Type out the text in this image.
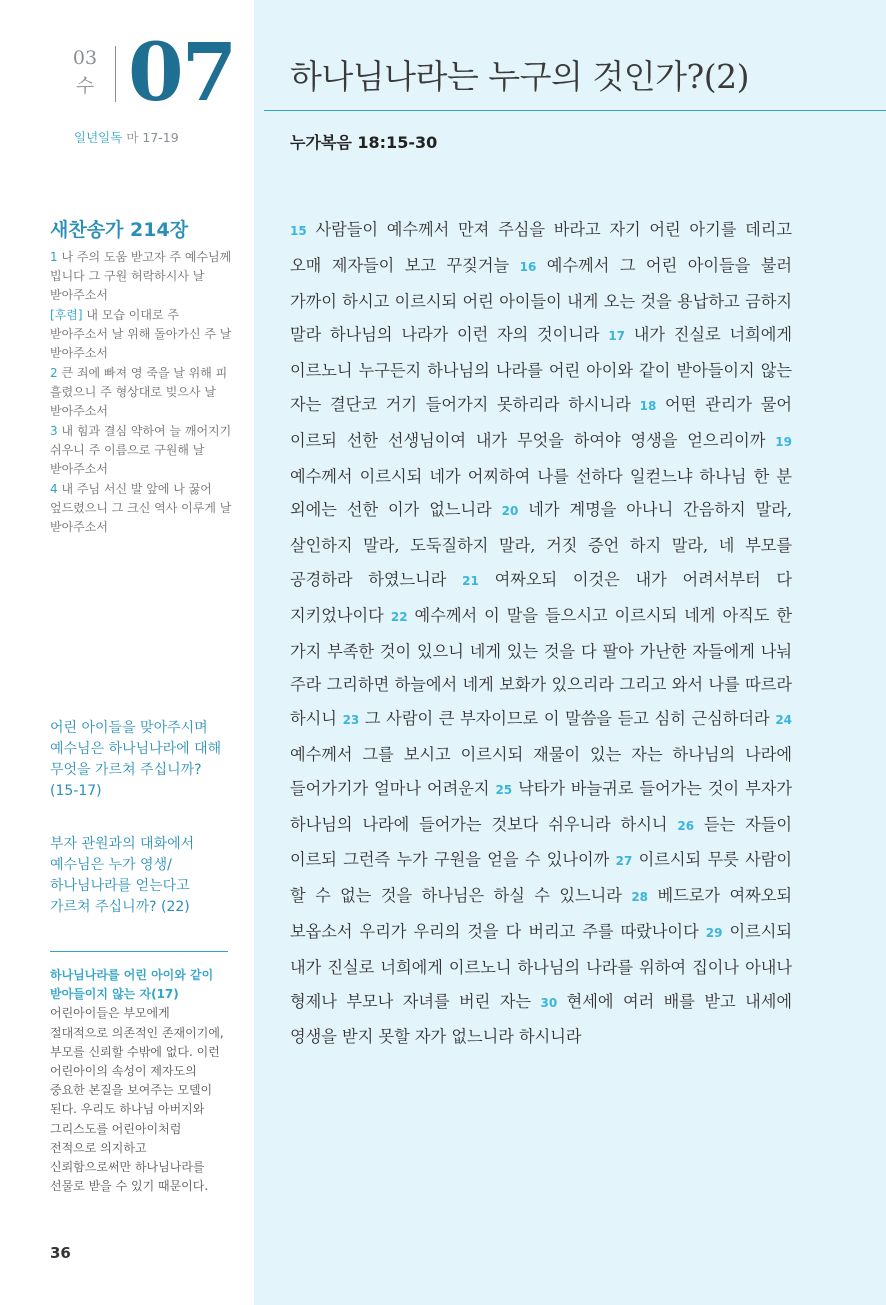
03
수 07
일년일독 마 17-19
새찬송가 214장

1 나 주의 도움 받고자 주 예수님께 빕니다 그 구원 허락하시사 날 받아주소서

[후렴] 내 모습 이대로 주 받아주소서 날 위해 돌아가신 주 날 받아주소서

2 큰 죄에 빠져 영 죽을 날 위해 피 흘렸으니 주 형상대로 빚으사 날 받아주소서

3 내 힘과 결심 약하여 늘 깨어지기 쉬우니 주 이름으로 구원해 날 받아주소서

4 내 주님 서신 발 앞에 나 꿇어 엎드렸으니 그 크신 역사 이루게 날 받아주소서

어린 아이들을 맞아주시며 예수님은 하나님나라에 대해 무엇을 가르쳐 주십니까? (15-17)
부자 관원과의 대화에서 예수님은 누가 영생/하나님나라를 얻는다고 가르쳐 주십니까? (22)
하나님나라를 어린 아이와 같이 받아들이지 않는 자(17) 어린아이들은 부모에게 절대적으로 의존적인 존재이기에, 부모를 신뢰할 수밖에 없다. 이런 어린아이의 속성이 제자도의 중요한 본질을 보여주는 모델이 된다. 우리도 하나님 아버지와 그리스도를 어린아이처럼 전적으로 의지하고 신뢰함으로써만 하나님나라를 선물로 받을 수 있기 때문이다.
36
하나님나라는 누구의 것인가?(2)
누가복음 18:15-30
15 사람들이 예수께서 만져 주심을 바라고 자기 어린 아기를 데리고 오매 제자들이 보고 꾸짖거늘 16 예수께서 그 어린 아이들을 불러 가까이 하시고 이르시되 어린 아이들이 내게 오는 것을 용납하고 금하지 말라 하나님의 나라가 이런 자의 것이니라 17 내가 진실로 너희에게 이르노니 누구든지 하나님의 나라를 어린 아이와 같이 받아들이지 않는 자는 결단코 거기 들어가지 못하리라 하시니라 18 어떤 관리가 물어 이르되 선한 선생님이여 내가 무엇을 하여야 영생을 얻으리이까 19 예수께서 이르시되 네가 어찌하여 나를 선하다 일컫느냐 하나님 한 분 외에는 선한 이가 없느니라 20 네가 계명을 아나니 간음하지 말라, 살인하지 말라, 도둑질하지 말라, 거짓 증언 하지 말라, 네 부모를 공경하라 하였느니라 21 여짜오되 이것은 내가 어려서부터 다 지키었나이다 22 예수께서 이 말을 들으시고 이르시되 네게 아직도 한 가지 부족한 것이 있으니 네게 있는 것을 다 팔아 가난한 자들에게 나눠 주라 그리하면 하늘에서 네게 보화가 있으리라 그리고 와서 나를 따르라 하시니 23 그 사람이 큰 부자이므로 이 말씀을 듣고 심히 근심하더라 24 예수께서 그를 보시고 이르시되 재물이 있는 자는 하나님의 나라에 들어가기가 얼마나 어려운지 25 낙타가 바늘귀로 들어가는 것이 부자가 하나님의 나라에 들어가는 것보다 쉬우니라 하시니 26 듣는 자들이 이르되 그런즉 누가 구원을 얻을 수 있나이까 27 이르시되 무릇 사람이 할 수 없는 것을 하나님은 하실 수 있느니라 28 베드로가 여짜오되 보옵소서 우리가 우리의 것을 다 버리고 주를 따랐나이다 29 이르시되 내가 진실로 너희에게 이르노니 하나님의 나라를 위하여 집이나 아내나 형제나 부모나 자녀를 버린 자는 30 현세에 여러 배를 받고 내세에 영생을 받지 못할 자가 없느니라 하시니라
